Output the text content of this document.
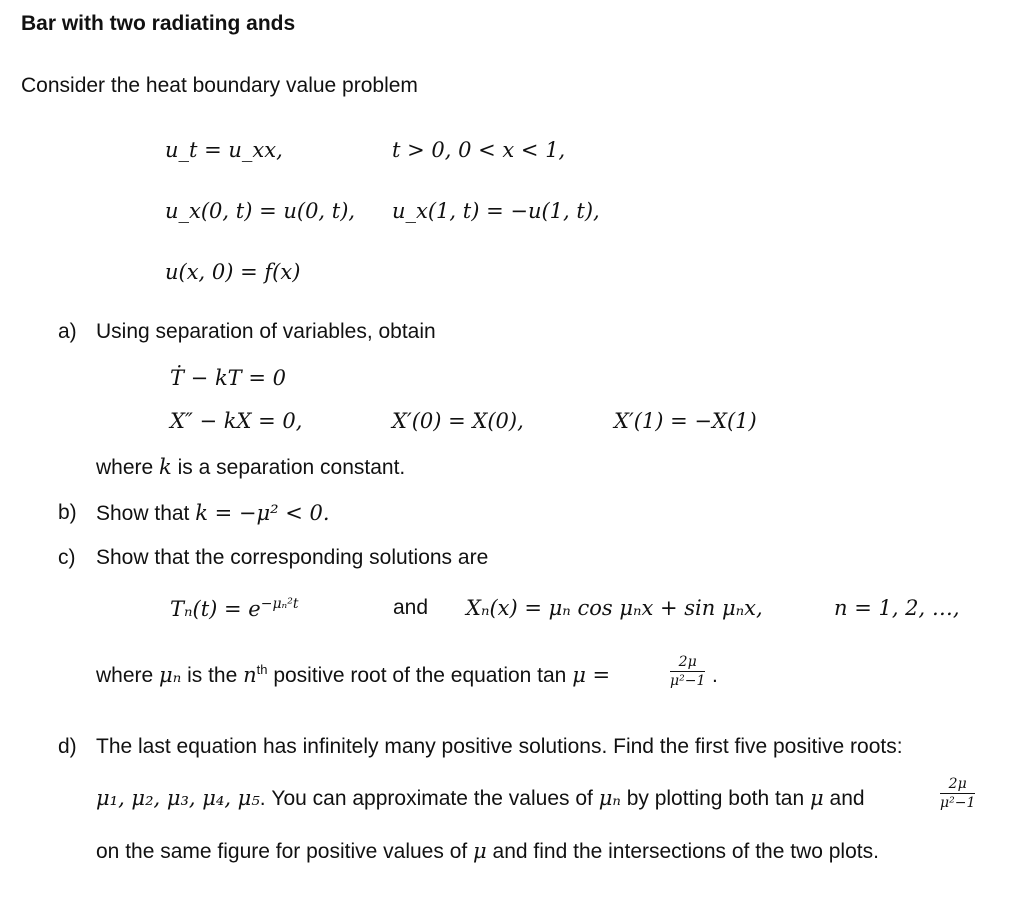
Bar with two radiating ands
Consider the heat boundary value problem
u_t = u_xx,	t > 0, 0 < x < 1,
u_x(0, t) = u(0, t), u_x(1, t) = −u(1, t),
u(x, 0) = f(x)
a) Using separation of variables, obtain
Ṫ − kT = 0
X″ − kX = 0,	X′(0) = X(0),	X′(1) = −X(1)
where k is a separation constant.
b) Show that k = −μ² < 0.
c) Show that the corresponding solutions are
$T_n(t) = e^{-\mu_n^2t}$	and Xₙ(x) = μₙ cos μₙx + sin μₙx,	n = 1, 2, …,
where μₙ is the $n^{th}$ positive root of the equation tan μ =	$\frac{2\mu}{\text{μ²−1}}$ .
d) The last equation has infinitely many positive solutions. Find the first five positive roots:
μ₁, μ₂, μ₃, μ₄, μ₅. You can approximate the values of μₙ by plotting both tan μ and	$\frac{2\mu}{\text{μ²−1}}$
on the same figure for positive values of μ and find the intersections of the two plots.
